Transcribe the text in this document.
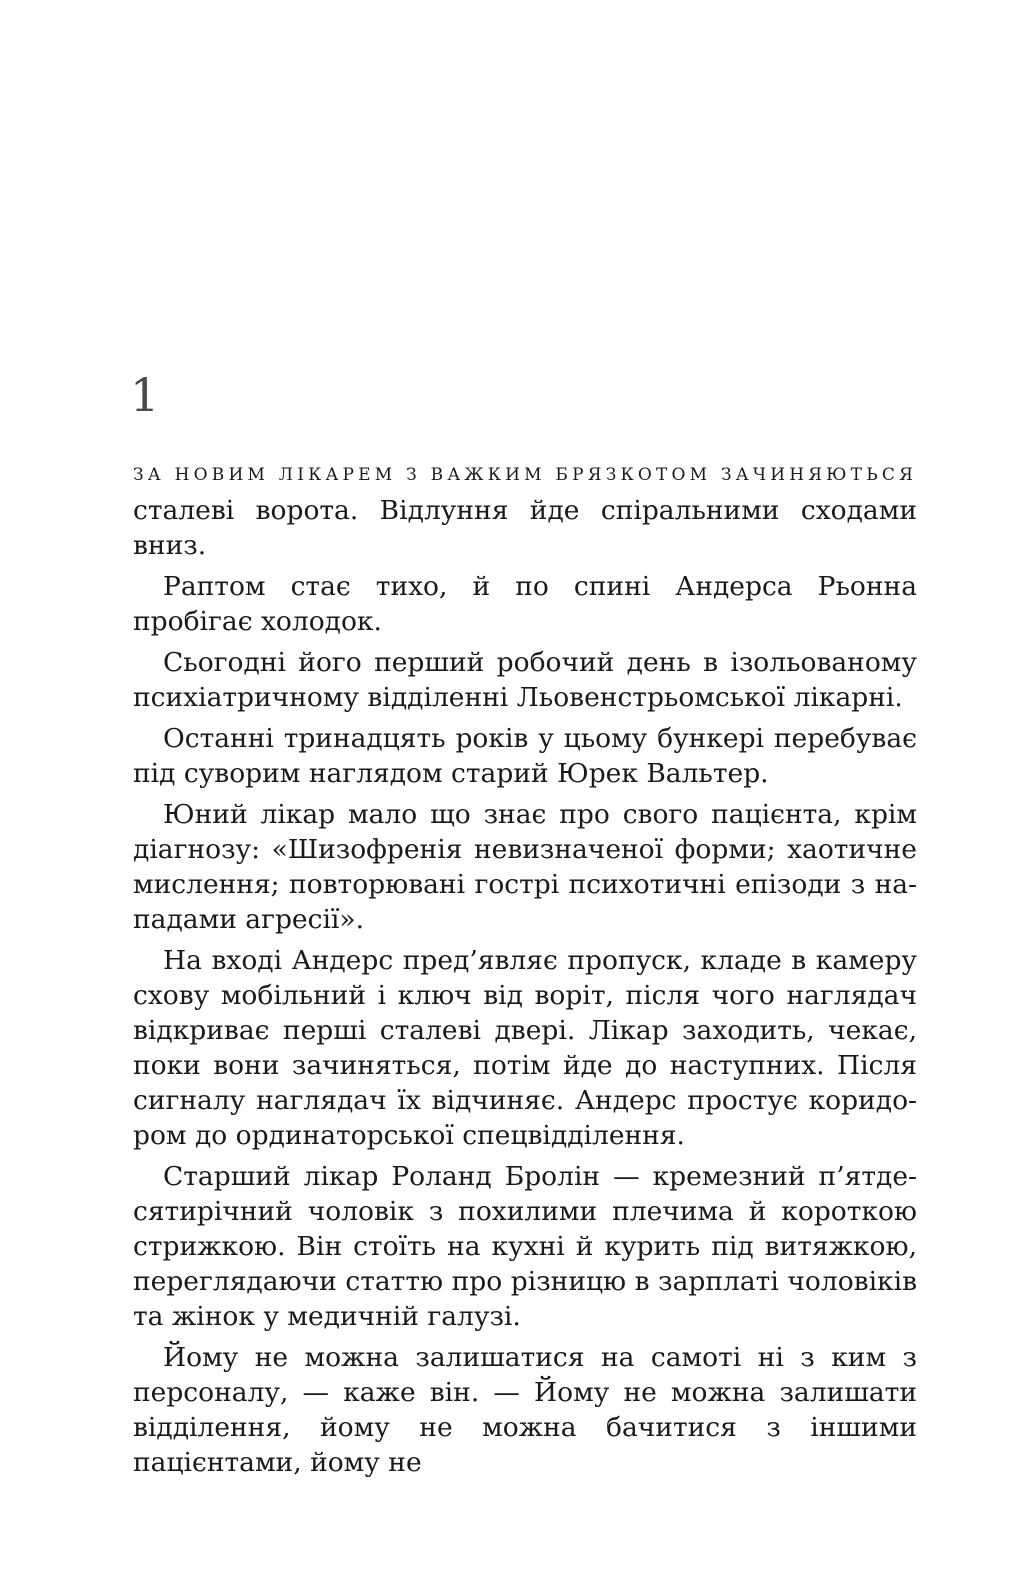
1

ЗА НОВИМ ЛІКАРЕМ З ВАЖКИМ БРЯЗКОТОМ ЗАЧИНЯЮТЬСЯ
сталеві ворота. Відлуння йде спіральними сходами вниз.

Раптом стає тихо, й по спині Андерса Рьонна пробігає холодок.

Сьогодні його перший робочий день в ізольованому психіатричному відділенні Льовенстрьомської лікарні.

Останні тринадцять років у цьому бункері перебуває під суворим наглядом старий Юрек Вальтер.

Юний лікар мало що знає про свого пацієнта, крім діагнозу: «Шизофренія невизначеної форми; хаотичне мислення; повторювані гострі психотичні епізоди з нападами агресії».

На вході Андерс пред’являє пропуск, кладе в камеру схову мобільний і ключ від воріт, після чого наглядач відкриває перші сталеві двері. Лікар заходить, чекає, поки вони зачиняться, потім йде до наступних. Після сигналу наглядач їх відчиняє. Андерс простує коридором до ординаторської спецвідділення.

Старший лікар Роланд Бролін — кремезний п’ятдесятирічний чоловік з похилими плечима й короткою стрижкою. Він стоїть на кухні й курить під витяжкою, переглядаючи статтю про різницю в зарплаті чоловіків та жінок у медичній галузі.

Йому не можна залишатися на самоті ні з ким з персоналу, — каже він. — Йому не можна залишати відділення, йому не можна бачитися з іншими пацієнтами, йому не
